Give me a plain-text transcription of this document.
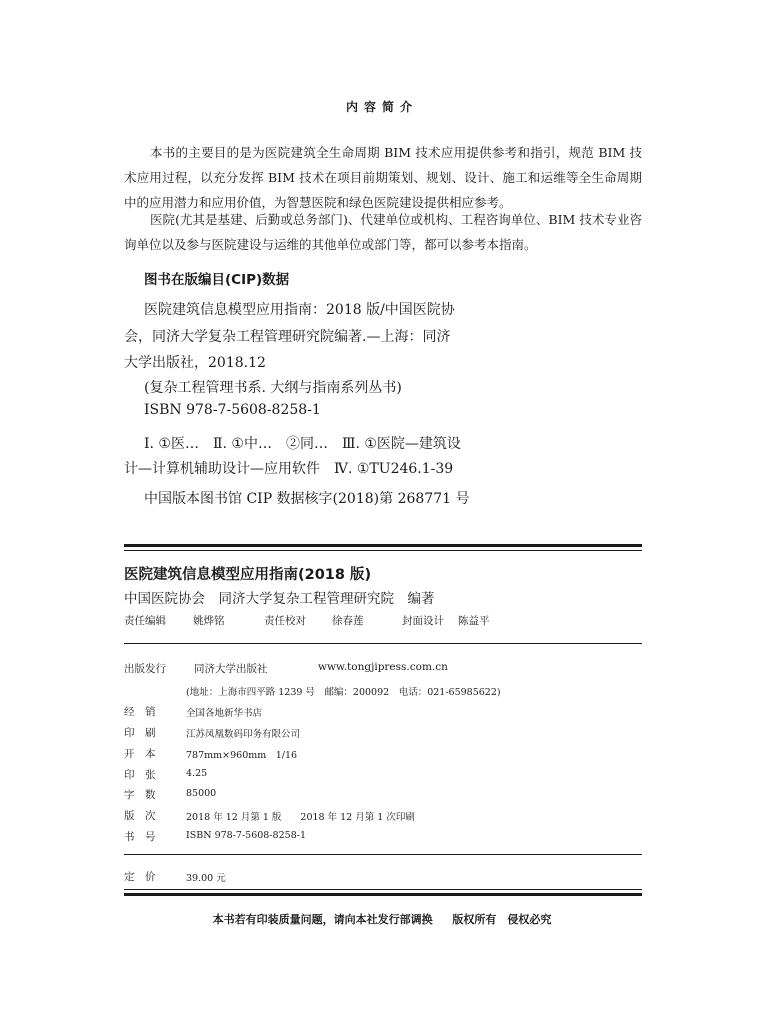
内容简介
本书的主要目的是为医院建筑全生命周期 BIM 技术应用提供参考和指引，规范 BIM 技术应用过程，以充分发挥 BIM 技术在项目前期策划、规划、设计、施工和运维等全生命周期中的应用潜力和应用价值，为智慧医院和绿色医院建设提供相应参考。
医院(尤其是基建、后勤或总务部门)、代建单位或机构、工程咨询单位、BIM 技术专业咨询单位以及参与医院建设与运维的其他单位或部门等，都可以参考本指南。
图书在版编目(CIP)数据
医院建筑信息模型应用指南：2018 版/中国医院协
会，同济大学复杂工程管理研究院编著.—上海：同济
大学出版社，2018.12
(复杂工程管理书系. 大纲与指南系列丛书)
ISBN 978-7-5608-8258-1
Ⅰ. ①医…　Ⅱ. ①中…　②同…　Ⅲ. ①医院—建筑设
计—计算机辅助设计—应用软件　Ⅳ. ①TU246.1-39
中国版本图书馆 CIP 数据核字(2018)第 268771 号
医院建筑信息模型应用指南(2018 版)
中国医院协会　同济大学复杂工程管理研究院　编著
责任编辑	姚烨铭	责任校对 徐春莲	封面设计 陈益平
出版发行	同济大学出版社	www.tongjipress.com.cn
(地址：上海市四平路 1239 号　邮编：200092　电话：021-65985622)
经　销	全国各地新华书店
印　刷	江苏凤凰数码印务有限公司
开　本	787mm×960mm　1/16
印　张	4.25
字　数	85000
版　次	2018 年 12 月第 1 版　　2018 年 12 月第 1 次印刷
书　号	ISBN 978-7-5608-8258-1
定　价	39.00 元
本书若有印装质量问题，请向本社发行部调换 版权所有　侵权必究
